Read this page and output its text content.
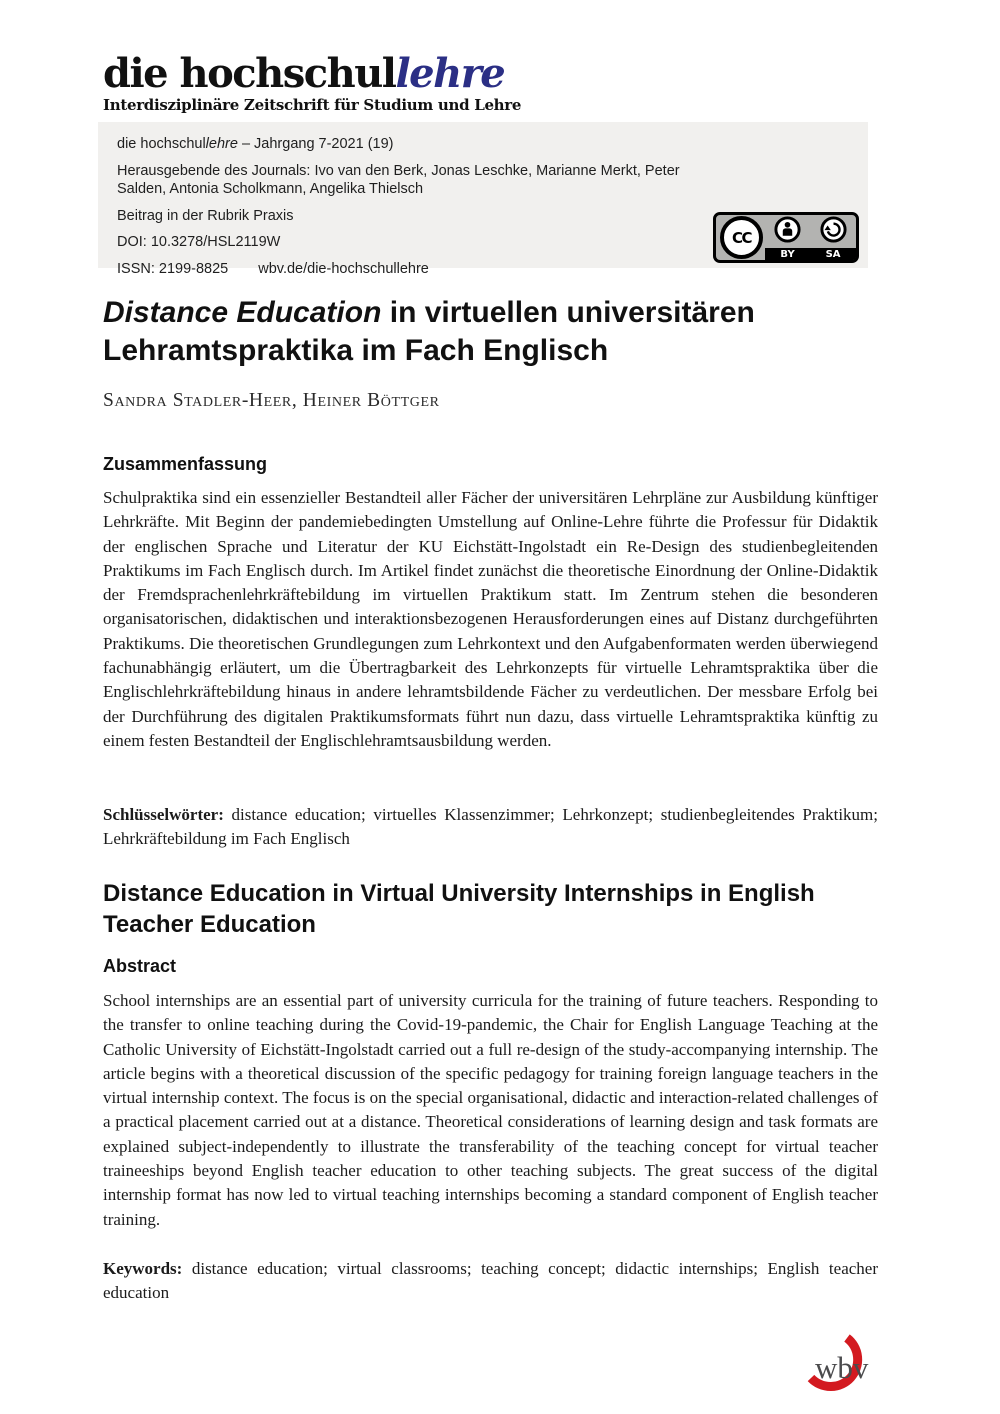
die hochschullehre
Interdisziplinäre Zeitschrift für Studium und Lehre
die hochschullehre – Jahrgang 7-2021 (19)
Herausgebende des Journals: Ivo van den Berk, Jonas Leschke, Marianne Merkt, Peter Salden, Antonia Scholkmann, Angelika Thielsch
Beitrag in der Rubrik Praxis
DOI: 10.3278/HSL2119W
ISSN: 2199-8825 wbv.de/die-hochschullehre
CC
BY	SA
Distance Education in virtuellen universitären Lehramtspraktika im Fach Englisch
Sandra Stadler-Heer, Heiner Böttger
Zusammenfassung

Schulpraktika sind ein essenzieller Bestandteil aller Fächer der universitären Lehrpläne zur Ausbildung künftiger Lehrkräfte. Mit Beginn der pandemiebedingten Umstellung auf Online-Lehre führte die Professur für Didaktik der englischen Sprache und Literatur der KU Eichstätt-Ingolstadt ein Re-Design des studienbegleitenden Praktikums im Fach Englisch durch. Im Artikel findet zunächst die theoretische Einordnung der Online-Didaktik der Fremdsprachenlehrkräftebildung im virtuellen Praktikum statt. Im Zentrum stehen die besonderen organisatorischen, didaktischen und interaktionsbezogenen Herausforderungen eines auf Distanz durchgeführten Praktikums. Die theoretischen Grundlegungen zum Lehrkontext und den Aufgabenformaten werden überwiegend fachunabhängig erläutert, um die Übertragbarkeit des Lehrkonzepts für virtuelle Lehramtspraktika über die Englischlehrkräftebildung hinaus in andere lehramtsbildende Fächer zu verdeutlichen. Der messbare Erfolg bei der Durchführung des digitalen Praktikumsformats führt nun dazu, dass virtuelle Lehramtspraktika künftig zu einem festen Bestandteil der Englischlehramtsausbildung werden.

Schlüsselwörter: distance education; virtuelles Klassenzimmer; Lehrkonzept; studienbegleitendes Praktikum; Lehrkräftebildung im Fach Englisch

Distance Education in Virtual University Internships in English Teacher Education
Abstract

School internships are an essential part of university curricula for the training of future teachers. Responding to the transfer to online teaching during the Covid-19-pandemic, the Chair for English Language Teaching at the Catholic University of Eichstätt-Ingolstadt carried out a full re-design of the study-accompanying internship. The article begins with a theoretical discussion of the specific pedagogy for training foreign language teachers in the virtual internship context. The focus is on the special organisational, didactic and interaction-related challenges of a practical placement carried out at a distance. Theoretical considerations of learning design and task formats are explained subject-independently to illustrate the transferability of the teaching concept for virtual teacher traineeships beyond English teacher education to other teaching subjects. The great success of the digital internship format has now led to virtual teaching internships becoming a standard component of English teacher training.

Keywords: distance education; virtual classrooms; teaching concept; didactic internships; English teacher education

wbv
